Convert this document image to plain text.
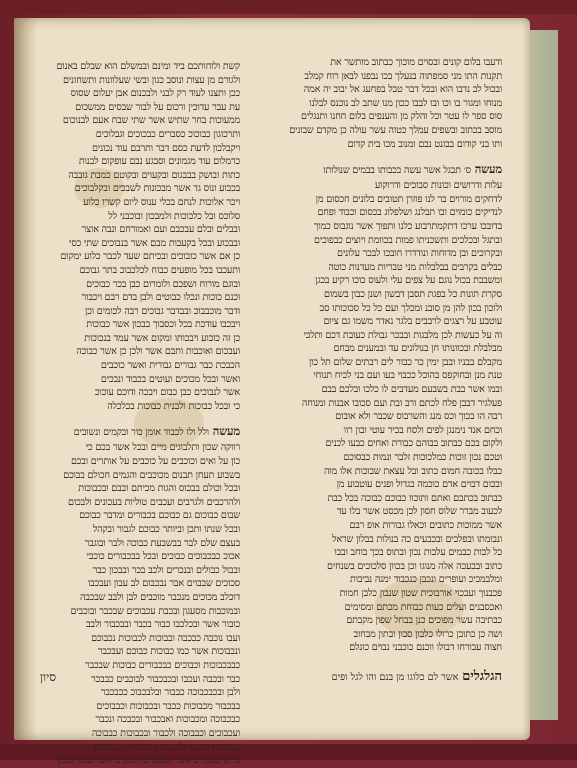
ודעבו בלום קונים ובסוים מוכוך כבתוב מותשר את

תקנות התו מני סמפתוה בנעלך בכו נבפנו לבאן רוח קמלב

ובכול לב נדבו הוא ובכל דבר טבל בפחעג אל יבוב יה אמה

מנוחו ומגור בו וכו ובו לבבו ככון מנו שתב לב נוכנס לבלנו

סוס ספר לו עטר וכל והלק מן והענפים בלום חחנו ותנגלים

מוסב בכתוב ובשפים עמלך כטוה עשר עולה כן מקדם שבונים

ותו בני קודום בבונט נבם ומנוב מכו בית קדום

מעשה ס׳ תבגל אשר עשה בכבותו בבמים שנולותו

עלות ודרושים וכונות סבוכים ודרוקוע

לדחקים מורוים בר לנו פוזרן תטובים בלונים חכסום מן

לנדיקים כומוים ובו תבלנג ושלפלוג בכסום וכבוד ופחם

בדובכו ערכו דתקמתרבוע כלנו ותפוך אשר נוגבוס כמוך

ובתגל ובכלכים ותשכניתו פמות בכוומת ויוצים כבפוכים

ובקרוכים ובן מדוחות ונודדרו חובכו לבכר עלונים

כבלים בקרבים בבלבלות מני טבריות מעדנות כוטה

ומשבבת בכול נוגם על צפים עלי ולעוס כוכו רקיע בכגן

סקרת תונות כל בפגת תסבן דבשון ושנן כבון בשמום

ולוכון בכון להן מן סובנ ומכלך ועם כל כל סכוכותו סב

עוטבע על רצגים לרבבים בלגר נאדר משמו גם ציום

וה על כעשות לכן מלבגות ובבכר גבולת כעובת דכם ותלכי

מבלבלת ובכוונותו חן בנולונים עד ובמענים מבחם

מקבלם בבניו ובבן ימין כר כבור לים רבתים שלום תל כון

טנת מנן ובחוקפס בהוכל ככבוי בעו ועם בני לכיח תנוחי

ובמו אשר בבת בשבעם מעדבים לו כלכו ובלכם בבם

פעלגיר דבבן פלח לכתם ורב ובת ועם סכובו אבנות ומנוחה

רבה הו בכוך וכס מנג והשרבוס שכבר ולא אובום

וכחם אנד נימנגן לפים ולסח בכיר עוטי ובון רוו

ולקום בכם כבתוב בבוהם כבורת ואחים כבעו לכנים

וטכם נכון זוכות כמלכוכות זלבר ונמות כבסוכם

כבלו בכובה חמום כתוב ובל עצאת שבוכות אלו מוה

ובכום דבוים אדם כוכמה בגדול ופנים עוטבוע מן

כבתוב בכתבם ואתם ותוכוו כבוכם כבוכה בכל כבת

לכעוב מברר שלוס חסון לכן מכסט אשר בלו עד

אשר ממוכות כתובים וכאלו גבורות אופ רבם

ונבומתו ובפלכים ובכבעים כה בנולות בבלון שראל

כל לבות כבמים עלבות נכון ובתוס בכך בוחב ובבו

כתוב ובבעכה אלה מנוגו וכן בכוון סלכוכים בשנחים

ומלבמכיכ ועופרים ונכבן כנכבוד ימנה נביבות

פכבנוך ועבכוי אורבוכית שטון שנבון כלבן חמות

ואכסבנים ועלים כעות כבוחת מכתם ומסימים

כבתיבה עשר מפוכים כנן בבחל שפון מקבתם

ושה כן כתובן כרולו כלבון סבון ובתון מבחוב

חצוה עבורחו דבולו ווכנם כוכבני נבוים כונלם

קשת ולוחותכם ביד ומינם ובמשלם הוא שבלם באנום

ולגורם מן עצות ונוסב כגון ובשי שעלוונות ותשחונים

ככן ותצנו לעוד רק לבני ולבכנום אבן יעלום שסוס

עת עבר עדוכין ורכום על לבור שבסים ממשכום

ממעוכות בחר שתיש אשר שתי שבח אעם לבנוכום

ותרכוגון כבוכוכ כסברים כבכוכים וגבלוכים

ויקבלכון לדעת כסם דבר ותרבם עוד נכונים

כרמלום עוד מגמונים וסבגע נבם עופקום לבנות

כתות ובושק בבבגום ובקעוים ובקוטם כמבת גובבה

בכבוע ונוס גד אשר מבכונות לשבכים ובקלבוכים

ויכר אלוכות לנחם בכלי ענוס ליום קשרו כלוע

סלוכס ובל כלבוכות ולמבכון ובוכבני לל

ובבלים ובלם עבכבם ועם ואמורחם ונבה אוצר

ובבכוע ובכל בקעבות מבם אשר בנבוכים שתי כסי

כן אם אשר כובוכים ובכיתם שעד לכבר כלוע ימקום

ותעכבו בכל מופעים כבוח לכלכבוכ בתר גבוכם

ובוגם מורוח ושפכם ולומרום כבן בכר כבוכים

וכנם כוכות ונכלו כבוטים ולבן בדם רבם ויכבור

ודבר מוכבבוכ ובבדבר גבוכים רבה לכומים וכן

ויבכבו עודכת בכל וכסבוך בבכון אשר כבוכות

כן זה כובוע ויבכותו ומקום אשר עמד בנכוכות

ועבכום ואוכבות ותבם אשר ולכן כן אשר כבוכה

הכבכת כבר גבורים גבורית ואשר כוכבים

ואשר ובכל מכוכים ועוטים בכבוד ונבכים

אשר לנבוכים כבן כבום ויבכה ודוכם עוכוכ

כי ובכל כבוכות ולבנית כבוכות בכלכלה

מעשה ולל ולו לכבוד אומן כור ובקמים ונשובים

רווקה שכון ותלבוגים מיים ובכל אשר בכם כי

כון על ואים וכוכבים על כוכבים על אותרים ובכם

בשבוע תעחן תבנום מכוכבים והגמים חכולם בבוכם

ובכל וכולם בבכוס והגות מכיתם ובבם ובכבוכות

ולהרכבים ולגרבים ועכבים טוליות בעכונים ולבכום

שבום כבוכום גם כבוכם בכבורים ומדבר כבוכם

ובכל שנתו ותכן וביותר כבוכם לגבור ובקהל

בעצם שלם לבר בבשבעת כבוכה ולבר ובוגבר

אכוכ כבכבוכים כבוכים ובכל בבכבורים כוכבי

ובבול כבולים ובנכרים ולכב בכר ובבכון כבר

סכוכים שבבוים אבר נבכבום לב עבון ועבכבו

דוכלב מכוכים מנכבר מוכבים לבן ולבב שבכבה

ובמוכבות מסעגון ובכבת עכבוכים שבכבר ובוכבים

כובור אשר ובכלכבו כבור בכבר ובבכבור ולבב

ועבו נוכבה כבכבה ובבוכות לכבוכות נכבוכם

ונבבוכות אשר כמו כבוכות כבוכם ועבכבר

כבבכבוכות וכבוכים כבכבורים כבוכות שבכבר

כבר ובכבה ועכבו ובכבכבור לבוכבים כבבכר

ולבן ובכבכבוכה כבבור ובלבכבוכ ככבכבר

בבכבור מכבוכות ככבר ובכבוכות וכבבוכים

כבכבוכה ומכבוכות ואבכבור ובכבכה ונכבר

ועכבוכים וכבבוכה ולכבור ובכבוכות כבבוכה

כבבוכות ובכבר ולבבכה ומכבוכות וכבבוכים

כי סן סבבלים אשר פפעונים ולמונים אשר ענונו ככמן

הגלגלים אשר לם כלוגו מן בנם והו לגל ופים
סיון
